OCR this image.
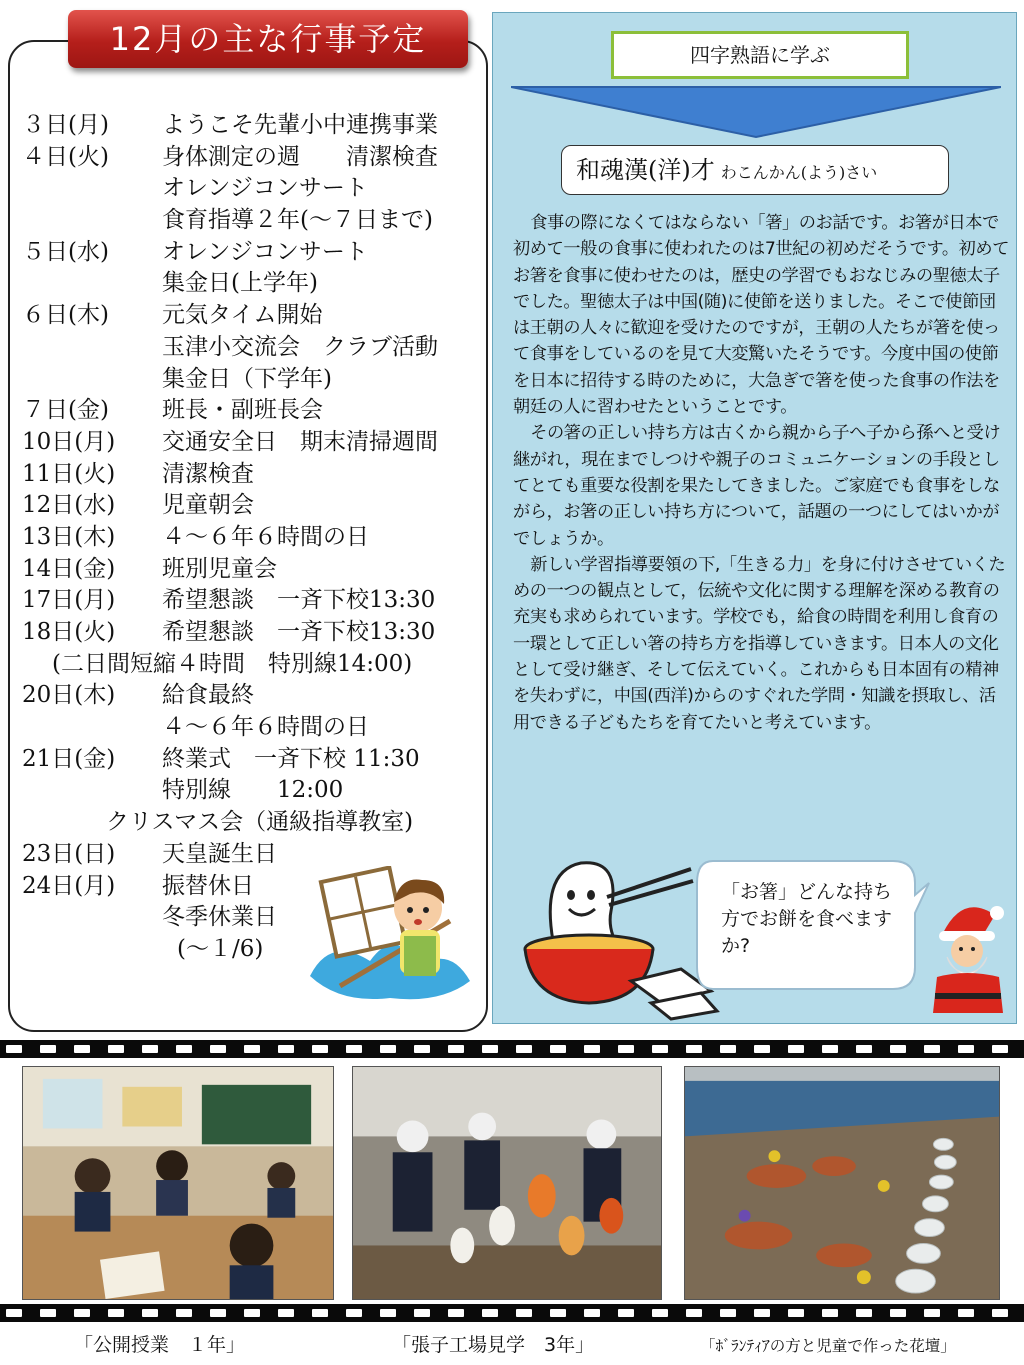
12月の主な行事予定
３日(月) ようこそ先輩小中連携事業
４日(火) 身体測定の週　　清潔検査
オレンジコンサート
食育指導２年(〜７日まで)
５日(水) オレンジコンサート
集金日(上学年)
６日(木) 元気タイム開始
玉津小交流会　クラブ活動
集金日（下学年)
７日(金) 班長・副班長会
10日(月) 交通安全日　期末清掃週間
11日(火) 清潔検査
12日(水) 児童朝会
13日(木) ４〜６年６時間の日
14日(金) 班別児童会
17日(月) 希望懇談　一斉下校13:30
18日(火) 希望懇談　一斉下校13:30
(二日間短縮４時間　特別線14:00)
20日(木) 給食最終
４〜６年６時間の日
21日(金) 終業式　一斉下校 11:30
特別線　　12:00
クリスマス会（通級指導教室)
23日(日) 天皇誕生日
24日(月) 振替休日
冬季休業日
(〜１/6)
四字熟語に学ぶ
和魂漢(洋)才 わこんかん(よう)さい

食事の際になくてはならない「箸」のお話です。お箸が日本で初めて一般の食事に使われたのは7世紀の初めだそうです。初めてお箸を食事に使わせたのは，歴史の学習でもおなじみの聖徳太子でした。聖徳太子は中国(随)に使節を送りました。そこで使節団は王朝の人々に歓迎を受けたのですが，王朝の人たちが箸を使って食事をしているのを見て大変驚いたそうです。今度中国の使節を日本に招待する時のために，大急ぎで箸を使った食事の作法を朝廷の人に習わせたということです。

その箸の正しい持ち方は古くから親から子へ子から孫へと受け継がれ，現在までしつけや親子のコミュニケーションの手段としてとても重要な役割を果たしてきました。ご家庭でも食事をしながら，お箸の正しい持ち方について，話題の一つにしてはいかがでしょうか。

新しい学習指導要領の下,「生きる力」を身に付けさせていくための一つの観点として，伝統や文化に関する理解を深める教育の充実も求められています。学校でも，給食の時間を利用し食育の一環として正しい箸の持ち方を指導していきます。日本人の文化として受け継ぎ、そして伝えていく。これからも日本固有の精神を失わずに，中国(西洋)からのすぐれた学問・知識を摂取し、活用できる子どもたちを育てたいと考えています。

「お箸」どんな持ち方でお餅を食べますか?
「公開授業　１年」	「張子工場見学　3年」	「ﾎﾞﾗﾝﾃｨｱの方と児童で作った花壇」
